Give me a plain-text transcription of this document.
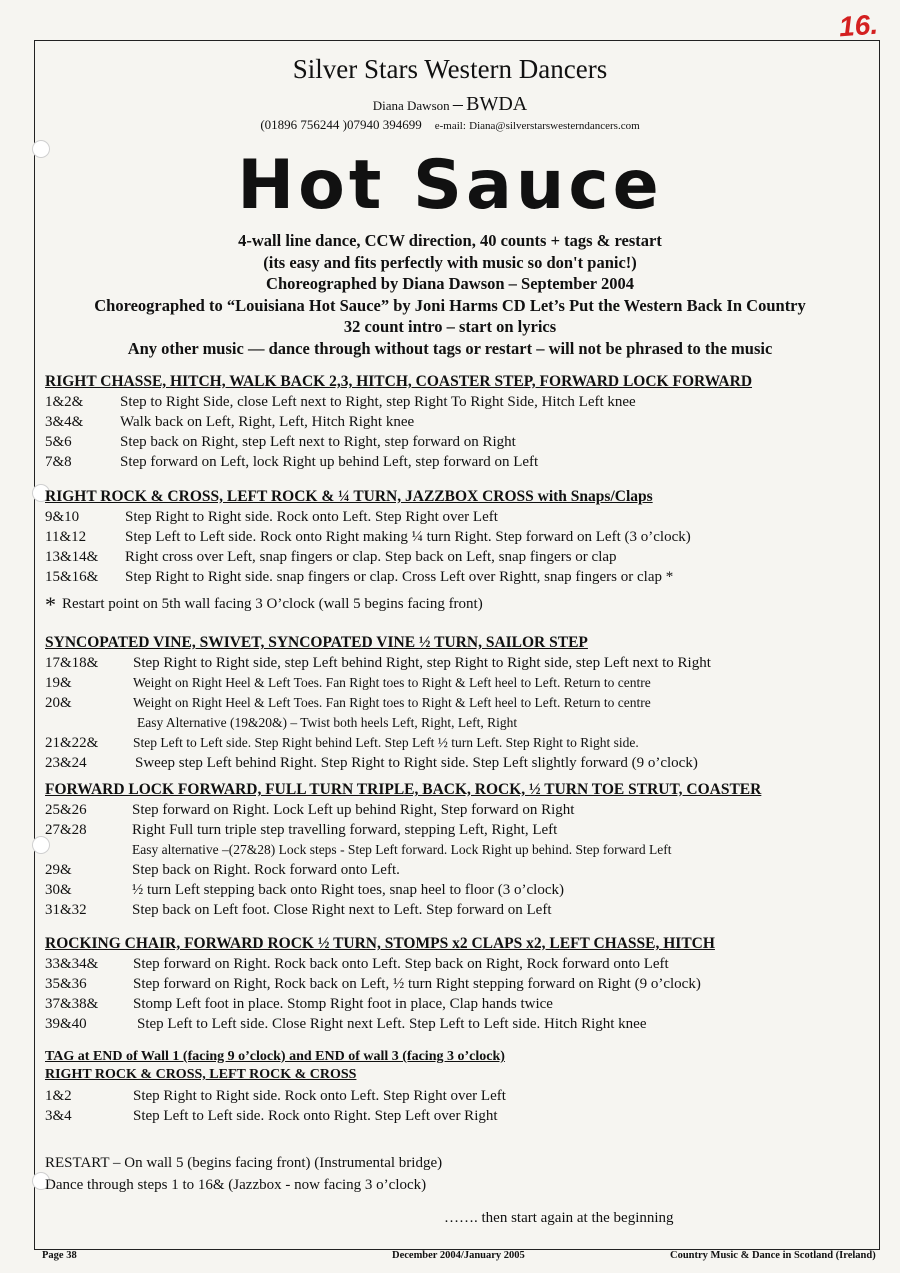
16.
Silver Stars Western Dancers
Diana Dawson – BWDA
(01896 756244 )07940 394699 e-mail: Diana@silverstarswesterndancers.com
Hot Sauce
4-wall line dance, CCW direction, 40 counts + tags & restart
(its easy and fits perfectly with music so don't panic!)
Choreographed by Diana Dawson – September 2004
Choreographed to “Louisiana Hot Sauce” by Joni Harms CD Let’s Put the Western Back In Country
32 count intro – start on lyrics
Any other music — dance through without tags or restart – will not be phrased to the music
RIGHT CHASSE, HITCH, WALK BACK 2,3, HITCH, COASTER STEP, FORWARD LOCK FORWARD
1&2&	Step to Right Side, close Left next to Right, step Right To Right Side, Hitch Left knee
3&4&	Walk back on Left, Right, Left, Hitch Right knee
5&6	Step back on Right, step Left next to Right, step forward on Right
7&8	Step forward on Left, lock Right up behind Left, step forward on Left
RIGHT ROCK & CROSS, LEFT ROCK & ¼ TURN, JAZZBOX CROSS with Snaps/Claps
9&10	Step Right to Right side. Rock onto Left. Step Right over Left
11&12	Step Left to Left side. Rock onto Right making ¼ turn Right. Step forward on Left (3 o’clock)
13&14&	Right cross over Left, snap fingers or clap. Step back on Left, snap fingers or clap
15&16&	Step Right to Right side. snap fingers or clap. Cross Left over Rightt, snap fingers or clap *
* Restart point on 5th wall facing 3 O’clock (wall 5 begins facing front)
SYNCOPATED VINE, SWIVET, SYNCOPATED VINE ½ TURN, SAILOR STEP
17&18&	Step Right to Right side, step Left behind Right, step Right to Right side, step Left next to Right
19&	Weight on Right Heel & Left Toes. Fan Right toes to Right & Left heel to Left. Return to centre
20&	Weight on Right Heel & Left Toes. Fan Right toes to Right & Left heel to Left. Return to centre
Easy Alternative (19&20&) – Twist both heels Left, Right, Left, Right
21&22&	Step Left to Left side. Step Right behind Left. Step Left ½ turn Left. Step Right to Right side.
23&24	Sweep step Left behind Right. Step Right to Right side. Step Left slightly forward (9 o’clock)
FORWARD LOCK FORWARD, FULL TURN TRIPLE, BACK, ROCK, ½ TURN TOE STRUT, COASTER
25&26	Step forward on Right. Lock Left up behind Right, Step forward on Right
27&28	Right Full turn triple step travelling forward, stepping Left, Right, Left
Easy alternative –(27&28) Lock steps - Step Left forward. Lock Right up behind. Step forward Left
29&	Step back on Right. Rock forward onto Left.
30&	½ turn Left stepping back onto Right toes, snap heel to floor (3 o’clock)
31&32	Step back on Left foot. Close Right next to Left. Step forward on Left
ROCKING CHAIR, FORWARD ROCK ½ TURN, STOMPS x2 CLAPS x2, LEFT CHASSE, HITCH
33&34&	Step forward on Right. Rock back onto Left. Step back on Right, Rock forward onto Left
35&36	Step forward on Right, Rock back on Left, ½ turn Right stepping forward on Right (9 o’clock)
37&38&	Stomp Left foot in place. Stomp Right foot in place, Clap hands twice
39&40	Step Left to Left side. Close Right next Left. Step Left to Left side. Hitch Right knee
TAG at END of Wall 1 (facing 9 o’clock) and END of wall 3 (facing 3 o’clock)
RIGHT ROCK & CROSS, LEFT ROCK & CROSS
1&2	Step Right to Right side. Rock onto Left. Step Right over Left
3&4	Step Left to Left side. Rock onto Right. Step Left over Right
RESTART – On wall 5 (begins facing front) (Instrumental bridge)
Dance through steps 1 to 16& (Jazzbox - now facing 3 o’clock)
……. then start again at the beginning
Page 38	December 2004/January 2005	Country Music & Dance in Scotland (Ireland)
